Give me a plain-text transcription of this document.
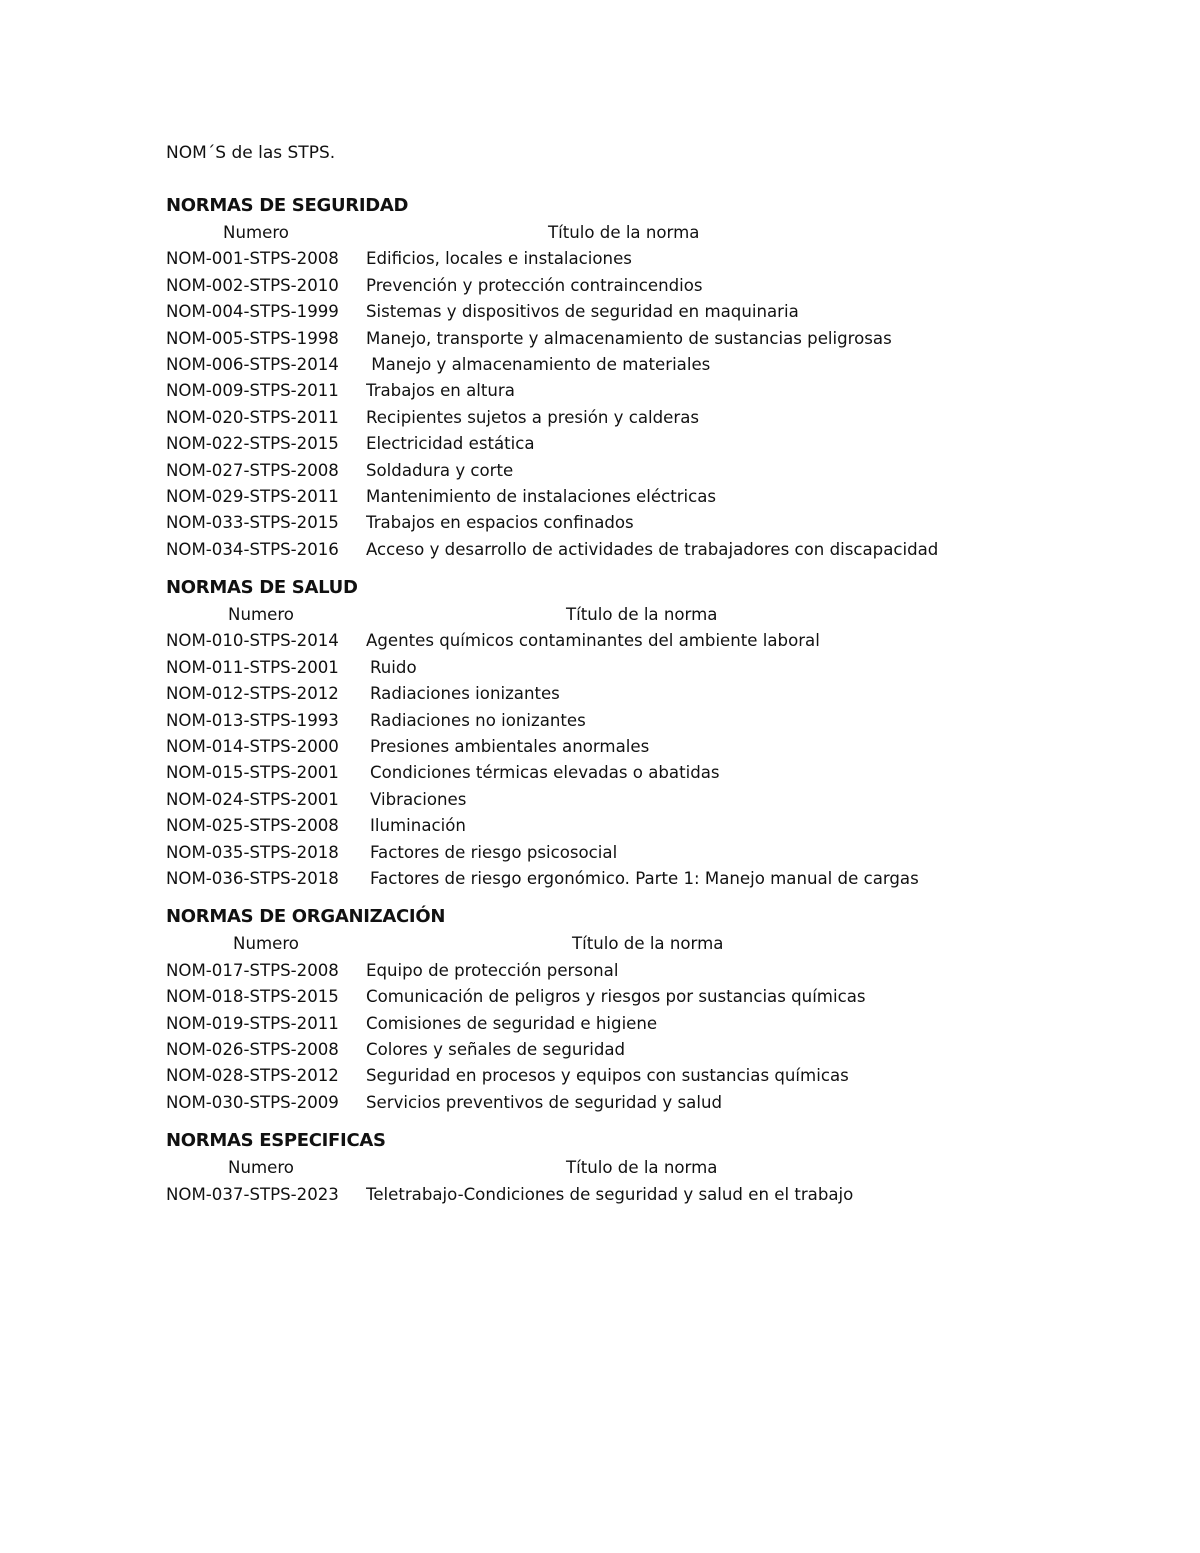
NOM´S de las STPS.
NORMAS DE SEGURIDAD
Numero	Título de la norma
NOM-001-STPS-2008	Edificios, locales e instalaciones
NOM-002-STPS-2010	Prevención y protección contraincendios
NOM-004-STPS-1999	Sistemas y dispositivos de seguridad en maquinaria
NOM-005-STPS-1998	Manejo, transporte y almacenamiento de sustancias peligrosas
NOM-006-STPS-2014	Manejo y almacenamiento de materiales
NOM-009-STPS-2011	Trabajos en altura
NOM-020-STPS-2011	Recipientes sujetos a presión y calderas
NOM-022-STPS-2015	Electricidad estática
NOM-027-STPS-2008	Soldadura y corte
NOM-029-STPS-2011	Mantenimiento de instalaciones eléctricas
NOM-033-STPS-2015	Trabajos en espacios confinados
NOM-034-STPS-2016	Acceso y desarrollo de actividades de trabajadores con discapacidad
NORMAS DE SALUD
Numero	Título de la norma
NOM-010-STPS-2014	Agentes químicos contaminantes del ambiente laboral
NOM-011-STPS-2001	Ruido
NOM-012-STPS-2012	Radiaciones ionizantes
NOM-013-STPS-1993	Radiaciones no ionizantes
NOM-014-STPS-2000	Presiones ambientales anormales
NOM-015-STPS-2001	Condiciones térmicas elevadas o abatidas
NOM-024-STPS-2001	Vibraciones
NOM-025-STPS-2008	Iluminación
NOM-035-STPS-2018	Factores de riesgo psicosocial
NOM-036-STPS-2018	Factores de riesgo ergonómico. Parte 1: Manejo manual de cargas
NORMAS DE ORGANIZACIÓN
Numero	Título de la norma
NOM-017-STPS-2008	Equipo de protección personal
NOM-018-STPS-2015	Comunicación de peligros y riesgos por sustancias químicas
NOM-019-STPS-2011	Comisiones de seguridad e higiene
NOM-026-STPS-2008	Colores y señales de seguridad
NOM-028-STPS-2012	Seguridad en procesos y equipos con sustancias químicas
NOM-030-STPS-2009	Servicios preventivos de seguridad y salud
NORMAS ESPECIFICAS
Numero	Título de la norma
NOM-037-STPS-2023	Teletrabajo-Condiciones de seguridad y salud en el trabajo
